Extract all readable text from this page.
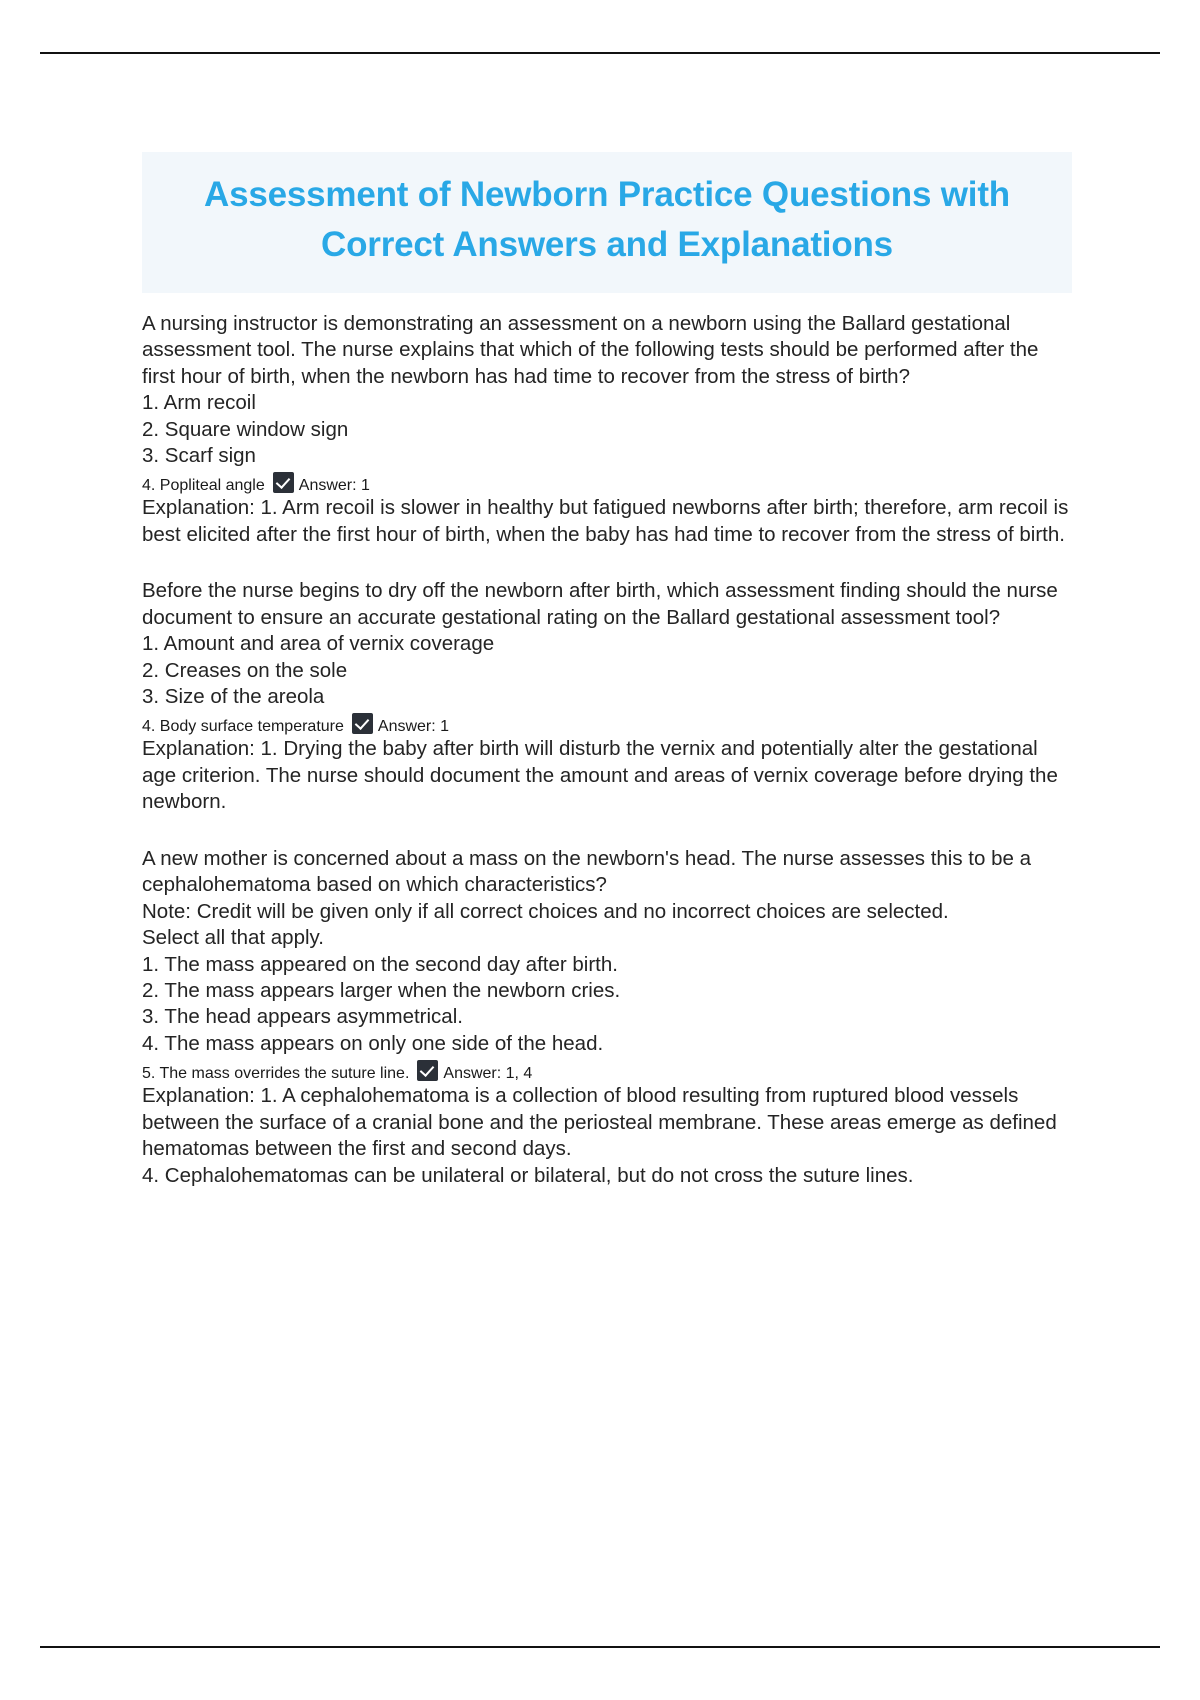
Assessment of Newborn Practice Questions with Correct Answers and Explanations

A nursing instructor is demonstrating an assessment on a newborn using the Ballard gestational assessment tool. The nurse explains that which of the following tests should be performed after the first hour of birth, when the newborn has had time to recover from the stress of birth?

1. Arm recoil

2. Square window sign

3. Scarf sign

4. Popliteal angle Answer: 1

Explanation: 1. Arm recoil is slower in healthy but fatigued newborns after birth; therefore, arm recoil is best elicited after the first hour of birth, when the baby has had time to recover from the stress of birth.

Before the nurse begins to dry off the newborn after birth, which assessment finding should the nurse document to ensure an accurate gestational rating on the Ballard gestational assessment tool?

1. Amount and area of vernix coverage

2. Creases on the sole

3. Size of the areola

4. Body surface temperature Answer: 1

Explanation: 1. Drying the baby after birth will disturb the vernix and potentially alter the gestational age criterion. The nurse should document the amount and areas of vernix coverage before drying the newborn.

A new mother is concerned about a mass on the newborn's head. The nurse assesses this to be a cephalohematoma based on which characteristics?

Note: Credit will be given only if all correct choices and no incorrect choices are selected.

Select all that apply.

1. The mass appeared on the second day after birth.

2. The mass appears larger when the newborn cries.

3. The head appears asymmetrical.

4. The mass appears on only one side of the head.

5. The mass overrides the suture line. Answer: 1, 4

Explanation: 1. A cephalohematoma is a collection of blood resulting from ruptured blood vessels between the surface of a cranial bone and the periosteal membrane. These areas emerge as defined hematomas between the first and second days.

4. Cephalohematomas can be unilateral or bilateral, but do not cross the suture lines.
